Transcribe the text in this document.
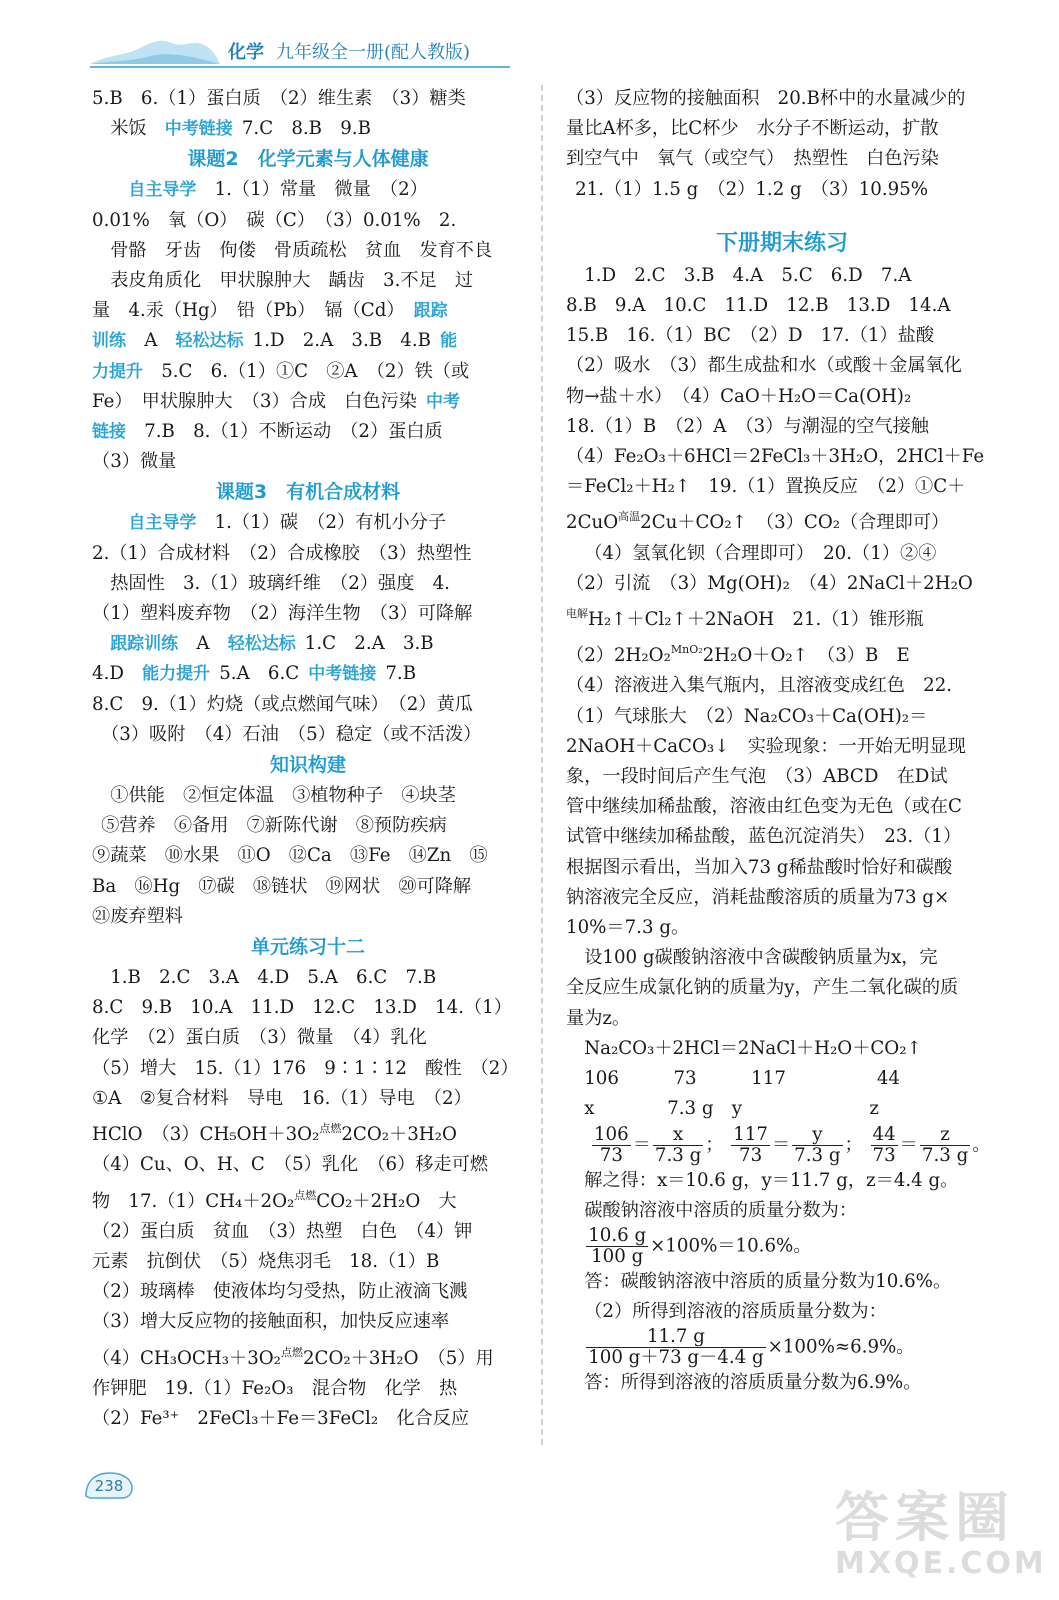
化学 九年级全一册(配人教版)

5.B　6.（1）蛋白质　（2）维生素　（3）糖类

 米饭　中考链接  7.C　8.B　9.B

课题2　化学元素与人体健康

  自主导学　1.（1）常量　微量　（2）

0.01%　氧（O）　碳（C）　（3）0.01%　2.

 骨骼　牙齿　佝偻　骨质疏松　贫血　发育不良

 表皮角质化　甲状腺肿大　龋齿　3.不足　过

量　4.汞（Hg）　铅（Pb）　镉（Cd）  跟踪

训练　A　轻松达标  1.D　2.A　3.B　4.B  能

力提升　5.C　6.（1）①C　②A　（2）铁（或

Fe）　甲状腺肿大　（3）合成　白色污染  中考

链接　7.B　8.（1）不断运动　（2）蛋白质

（3）微量

课题3　有机合成材料

  自主导学　1.（1）碳　（2）有机小分子

2.（1）合成材料　（2）合成橡胶　（3）热塑性

 热固性　3.（1）玻璃纤维　（2）强度　4.

（1）塑料废弃物　（2）海洋生物　（3）可降解

 跟踪训练　A　轻松达标  1.C　2.A　3.B

4.D　能力提升  5.A　6.C  中考链接  7.B

8.C　9.（1）灼烧（或点燃闻气味）　（2）黄瓜

 （3）吸附　（4）石油　（5）稳定（或不活泼）

知识构建

 ①供能　②恒定体温　③植物种子　④块茎

 ⑤营养　⑥备用　⑦新陈代谢　⑧预防疾病

⑨蔬菜　⑩水果　⑪O　⑫Ca　⑬Fe　⑭Zn　⑮

Ba　⑯Hg　⑰碳　⑱链状　⑲网状　⑳可降解

㉑废弃塑料

单元练习十二

 1.B　2.C　3.A　4.D　5.A　6.C　7.B

8.C　9.B　10.A　11.D　12.C　13.D　14.（1）

化学　（2）蛋白质　（3）微量　（4）乳化

（5）增大　15.（1）176　9∶1∶12　酸性　（2）

①A　②复合材料　导电　16.（1）导电　（2）

HClO　（3）CH₅OH＋3O₂$^{点燃}$2CO₂＋3H₂O

（4）Cu、O、H、C　（5）乳化　（6）移走可燃

物　17.（1）CH₄＋2O₂$^{点燃}$CO₂＋2H₂O　大

（2）蛋白质　贫血　（3）热塑　白色　（4）钾

元素　抗倒伏　（5）烧焦羽毛　18.（1）B

（2）玻璃棒　使液体均匀受热，防止液滴飞溅

（3）增大反应物的接触面积，加快反应速率

（4）CH₃OCH₃＋3O₂$^{点燃}$2CO₂＋3H₂O　（5）用

作钾肥　19.（1）Fe₂O₃　混合物　化学　热

（2）Fe³⁺　2FeCl₃＋Fe＝3FeCl₂　化合反应

（3）反应物的接触面积　20.B杯中的水量减少的

量比A杯多，比C杯少　水分子不断运动，扩散

到空气中　氧气（或空气）　热塑性　白色污染

 21.（1）1.5 g　（2）1.2 g　（3）10.95%

下册期末练习

 1.D　2.C　3.B　4.A　5.C　6.D　7.A

8.B　9.A　10.C　11.D　12.B　13.D　14.A

15.B　16.（1）BC　（2）D　17.（1）盐酸

（2）吸水　（3）都生成盐和水（或酸＋金属氧化

物→盐＋水）　（4）CaO＋H₂O＝Ca(OH)₂

18.（1）B　（2）A　（3）与潮湿的空气接触

（4）Fe₂O₃＋6HCl＝2FeCl₃＋3H₂O，2HCl＋Fe

＝FeCl₂＋H₂↑　19.（1）置换反应　（2）①C＋

2CuO$^{高温}$2Cu＋CO₂↑　（3）CO₂（合理即可）

 （4）氢氧化钡（合理即可）　20.（1）②④

（2）引流　（3）Mg(OH)₂　（4）2NaCl＋2H₂O

$^{电解}$H₂↑＋Cl₂↑＋2NaOH　21.（1）锥形瓶

（2）2H₂O₂$^{MnO_2}$2H₂O＋O₂↑　（3）B　E

（4）溶液进入集气瓶内，且溶液变成红色　22.

（1）气球胀大　（2）Na₂CO₃＋Ca(OH)₂＝

2NaOH＋CaCO₃↓　实验现象：一开始无明显现

象，一段时间后产生气泡　（3）ABCD　在D试

管中继续加稀盐酸，溶液由红色变为无色（或在C

试管中继续加稀盐酸，蓝色沉淀消失）　23.（1）

根据图示看出，当加入73 g稀盐酸时恰好和碳酸

钠溶液完全反应，消耗盐酸溶质的质量为73 g×

10%＝7.3 g。

 设100 g碳酸钠溶液中含碳酸钠质量为x，完

全反应生成氯化钠的质量为y，产生二氧化碳的质

量为z。

 Na₂CO₃＋2HCl＝2NaCl＋H₂O＋CO₂↑

 106　　　73　　　117　　　　　44

 x　　　　7.3 g　y　　　　　　　z

$\frac{106}{73} = \frac{x}{7.3 g}$ ； $\frac{117}{73} = \frac{y}{7.3 g}$ ； $\frac{44}{73} = \frac{z}{7.3 g}$ 。

 解之得：x＝10.6 g，y＝11.7 g，z＝4.4 g。

 碳酸钠溶液中溶质的质量分数为：

$\frac{10.6 g}{100 g} \times 100\%=10.6\%$。

 答：碳酸钠溶液中溶质的质量分数为10.6%。

 （2）所得到溶液的溶质质量分数为：

$\frac{11.7 g}{100 g+73 g-4.4 g} \times 100\%\approx 6.9\%$。

 答：所得到溶液的溶质质量分数为6.9%。

238	答案圈
MXQE.COM
